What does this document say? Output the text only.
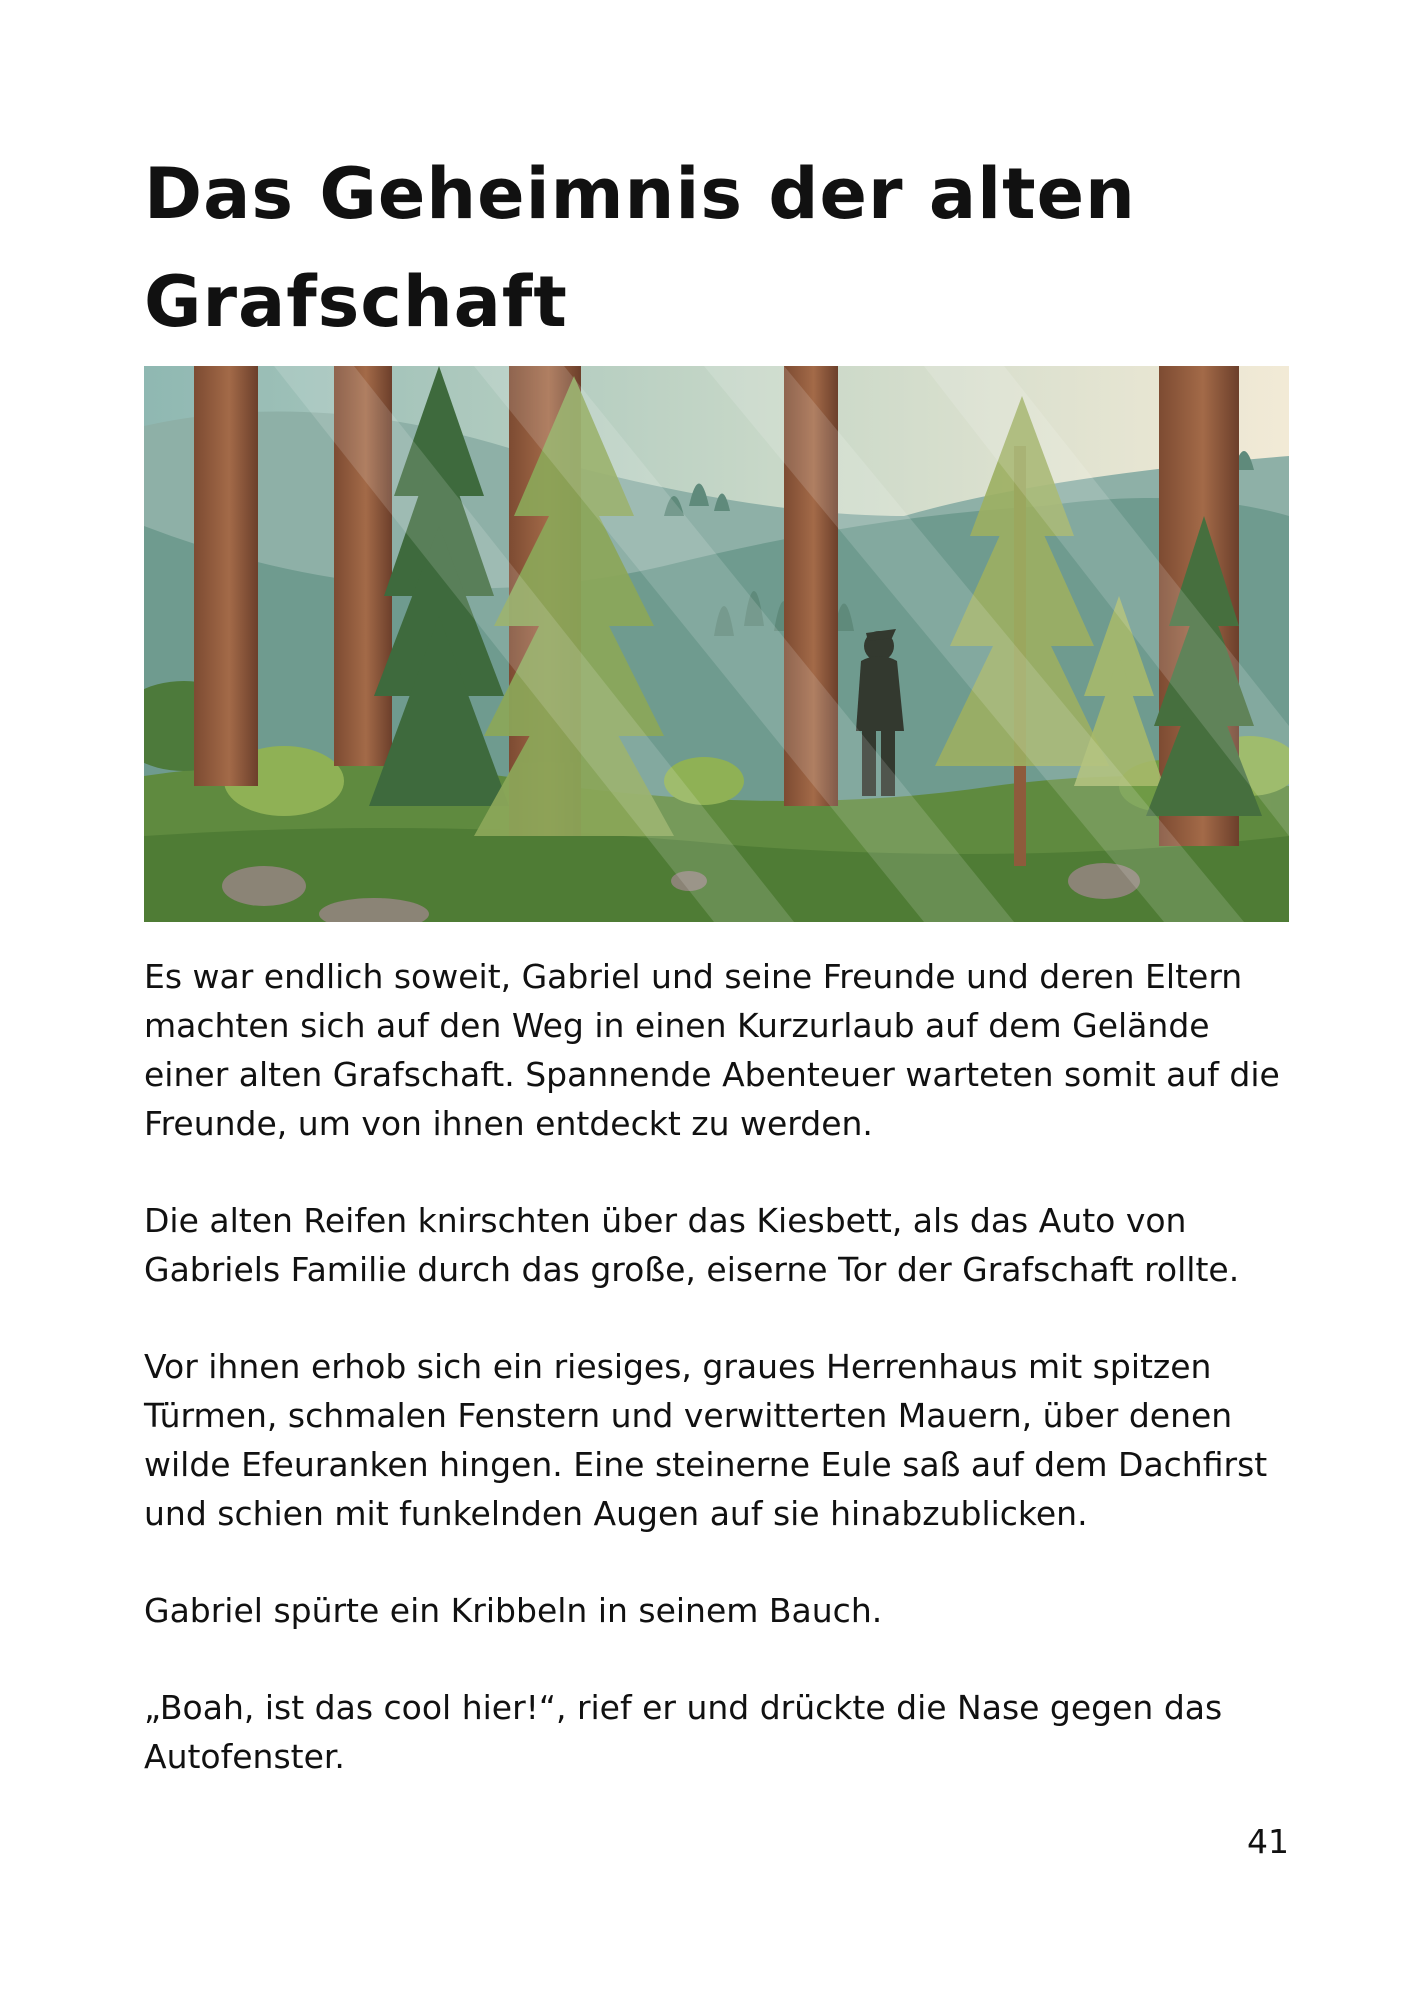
Das Geheimnis der alten
Grafschaft

Es war endlich soweit, Gabriel und seine Freunde und deren Eltern machten sich auf den Weg in einen Kurzurlaub auf dem Gelände einer alten Grafschaft. Spannende Abenteuer warteten somit auf die Freunde, um von ihnen entdeckt zu werden.

Die alten Reifen knirschten über das Kiesbett, als das Auto von Gabriels Familie durch das große, eiserne Tor der Grafschaft rollte.

Vor ihnen erhob sich ein riesiges, graues Herrenhaus mit spitzen Türmen, schmalen Fenstern und verwitterten Mauern, über denen wilde Efeuranken hingen. Eine steinerne Eule saß auf dem Dachfirst und schien mit funkelnden Augen auf sie hinabzublicken.

Gabriel spürte ein Kribbeln in seinem Bauch.

„Boah, ist das cool hier!“, rief er und drückte die Nase gegen das Autofenster.

41
